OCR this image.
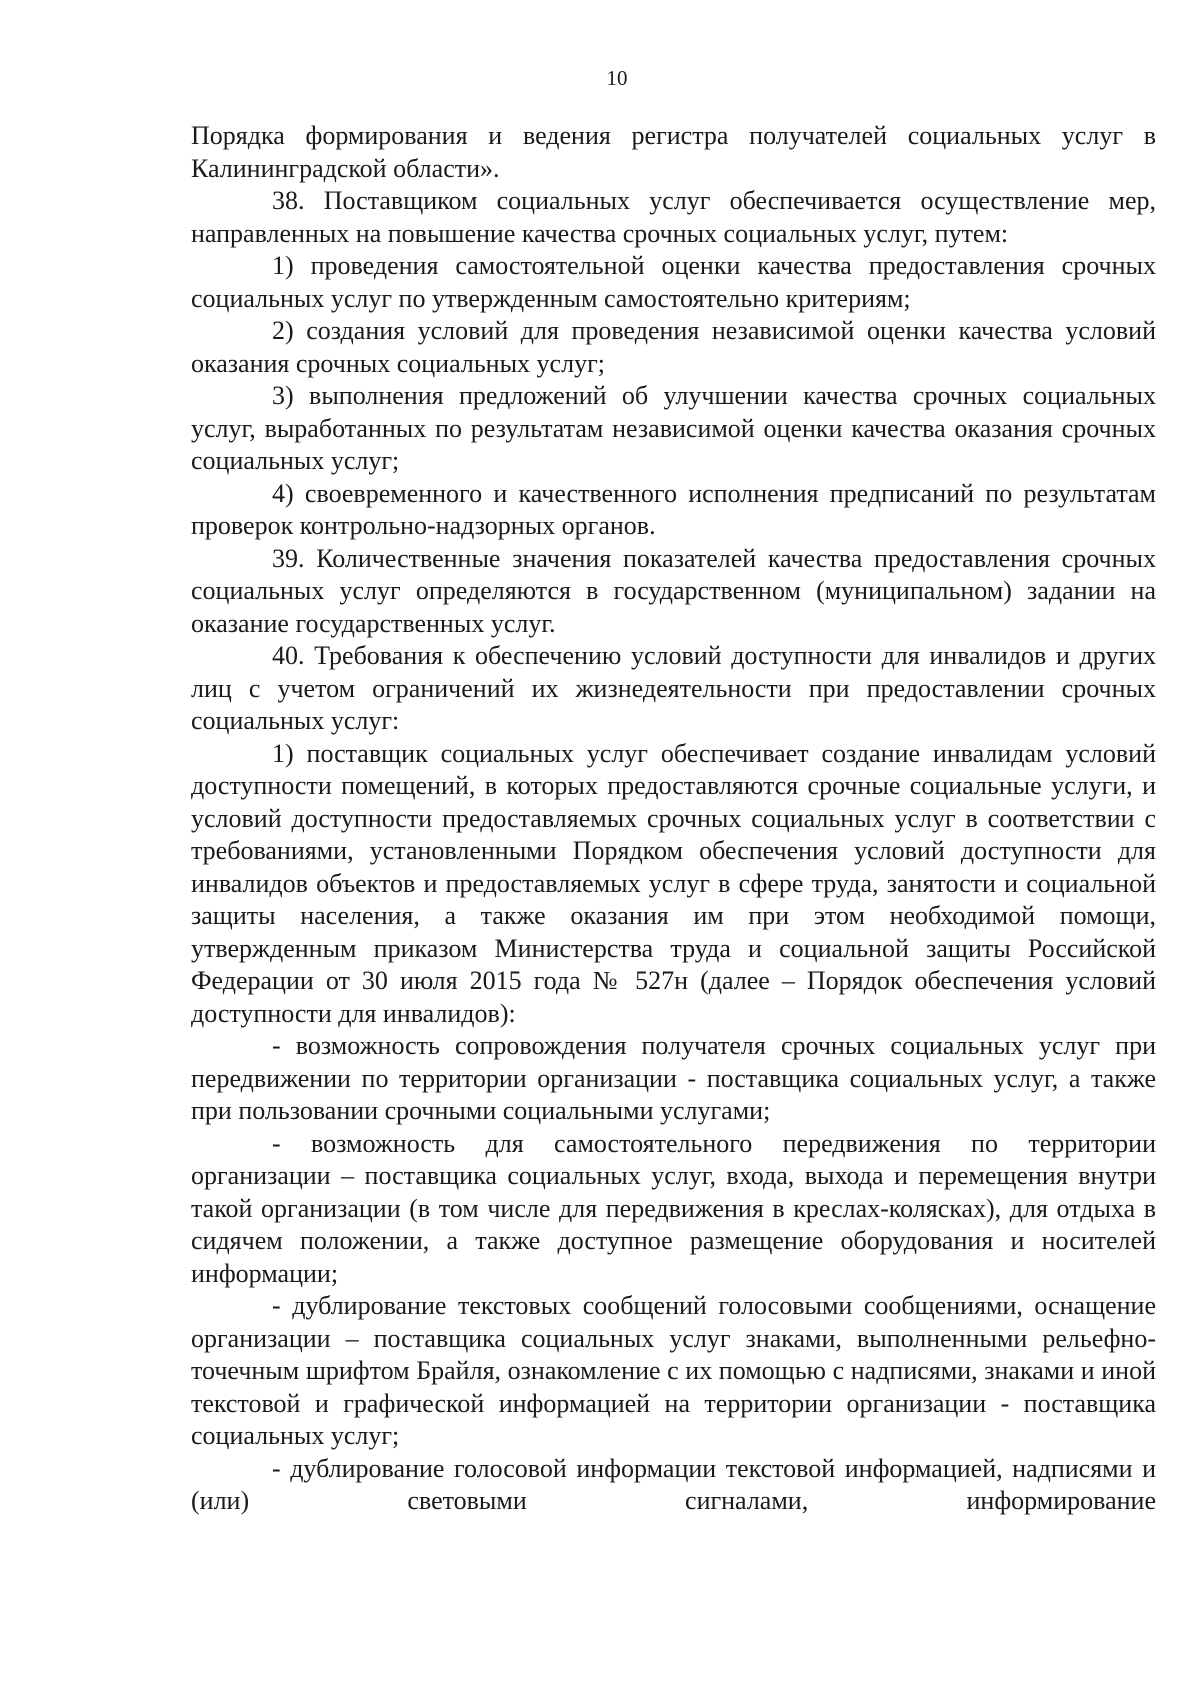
10

Порядка формирования и ведения регистра получателей социальных услуг в Калининградской области».

38. Поставщиком социальных услуг обеспечивается осуществление мер, направленных на повышение качества срочных социальных услуг, путем:

1) проведения самостоятельной оценки качества предоставления срочных социальных услуг по утвержденным самостоятельно критериям;

2) создания условий для проведения независимой оценки качества условий оказания срочных социальных услуг;

3) выполнения предложений об улучшении качества срочных социальных услуг, выработанных по результатам независимой оценки качества оказания срочных социальных услуг;

4) своевременного и качественного исполнения предписаний по результатам проверок контрольно-надзорных органов.

39. Количественные значения показателей качества предоставления срочных социальных услуг определяются в государственном (муниципальном) задании на оказание государственных услуг.

40. Требования к обеспечению условий доступности для инвалидов и других лиц с учетом ограничений их жизнедеятельности при предоставлении срочных социальных услуг:

1) поставщик социальных услуг обеспечивает создание инвалидам условий доступности помещений, в которых предоставляются срочные социальные услуги, и условий доступности предоставляемых срочных социальных услуг в соответствии с требованиями, установленными Порядком обеспечения условий доступности для инвалидов объектов и предоставляемых услуг в сфере труда, занятости и социальной защиты населения, а также оказания им при этом необходимой помощи, утвержденным приказом Министерства труда и социальной защиты Российской Федерации от 30 июля 2015 года № 527н (далее – Порядок обеспечения условий доступности для инвалидов):

- возможность сопровождения получателя срочных социальных услуг при передвижении по территории организации - поставщика социальных услуг, а также при пользовании срочными социальными услугами;

- возможность для самостоятельного передвижения по территории организации – поставщика социальных услуг, входа, выхода и перемещения внутри такой организации (в том числе для передвижения в креслах-колясках), для отдыха в сидячем положении, а также доступное размещение оборудования и носителей информации;

- дублирование текстовых сообщений голосовыми сообщениями, оснащение организации – поставщика социальных услуг знаками, выполненными рельефно-точечным шрифтом Брайля, ознакомление с их помощью с надписями, знаками и иной текстовой и графической информацией на территории организации - поставщика социальных услуг;

- дублирование голосовой информации текстовой информацией, надписями и (или) световыми сигналами, информирование
